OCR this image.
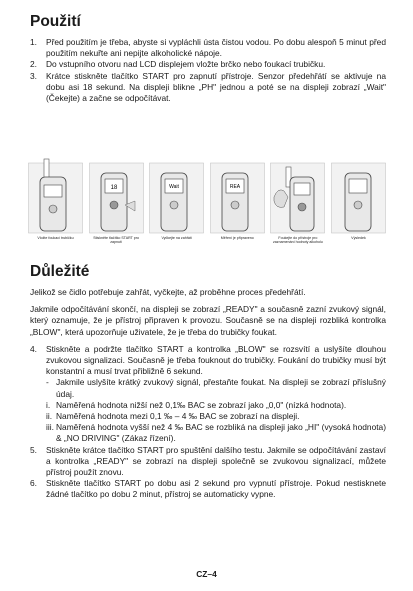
Použití
1.	Před použitím je třeba, abyste si vypláchli ústa čistou vodou. Po dobu alespoň 5 minut před použitím nekuřte ani nepijte alkoholické nápoje.
2.	Do vstupního otvoru nad LCD displejem vložte brčko nebo foukací trubičku.
3.	Krátce stiskněte tlačítko START pro zapnutí přístroje. Senzor předehřátí se aktivuje na dobu asi 18 sekund. Na displeji blikne „PH" jednou a poté se na displeji zobrazí „Wait" (Čekejte) a začne se odpočítávat.
Vložte foukací trubičku
18
Stiskněte tlačítko START pro zapnutí
Wait
Vyčkejte na zahřátí
REA
Měření je připraveno	Foukejte do přístroje pro zaznamenání hodnoty alkoholu
Výsledek
Důležité

Jelikož se čidlo potřebuje zahřát, vyčkejte, až proběhne proces předehřátí.

Jakmile odpočítávání skončí, na displeji se zobrazí „READY" a současně zazní zvukový signál, který oznamuje, že je přístroj připraven k provozu. Současně se na displeji rozbliká kontrolka „BLOW", která upozorňuje uživatele, že je třeba do trubičky foukat.

4.	Stiskněte a podržte tlačítko START a kontrolka „BLOW" se rozsvítí a uslyšíte dlouhou zvukovou signalizaci. Současně je třeba fouknout do trubičky. Foukání do trubičky musí být konstantní a musí trvat přibližně 6 sekund.
- Jakmile uslyšíte krátký zvukový signál, přestaňte foukat. Na displeji se zobrazí příslušný údaj.
i. Naměřená hodnota nižší než 0,1‰ BAC se zobrazí jako „0,0" (nízká hodnota).
ii. Naměřená hodnota mezi 0,1 ‰ – 4 ‰ BAC se zobrazí na displeji.
iii. Naměřená hodnota vyšší než 4 ‰ BAC se rozbliká na displeji jako „HI" (vysoká hodnota) & „NO DRIVING" (Zákaz řízení).
5.	Stiskněte krátce tlačítko START pro spuštění dalšího testu. Jakmile se odpočítávání zastaví a kontrolka „READY" se zobrazí na displeji společně se zvukovou signalizací, můžete přístroj použít znovu.
6.	Stiskněte tlačítko START po dobu asi 2 sekund pro vypnutí přístroje. Pokud nestisknete žádné tlačítko po dobu 2 minut, přístroj se automaticky vypne.
CZ–4
